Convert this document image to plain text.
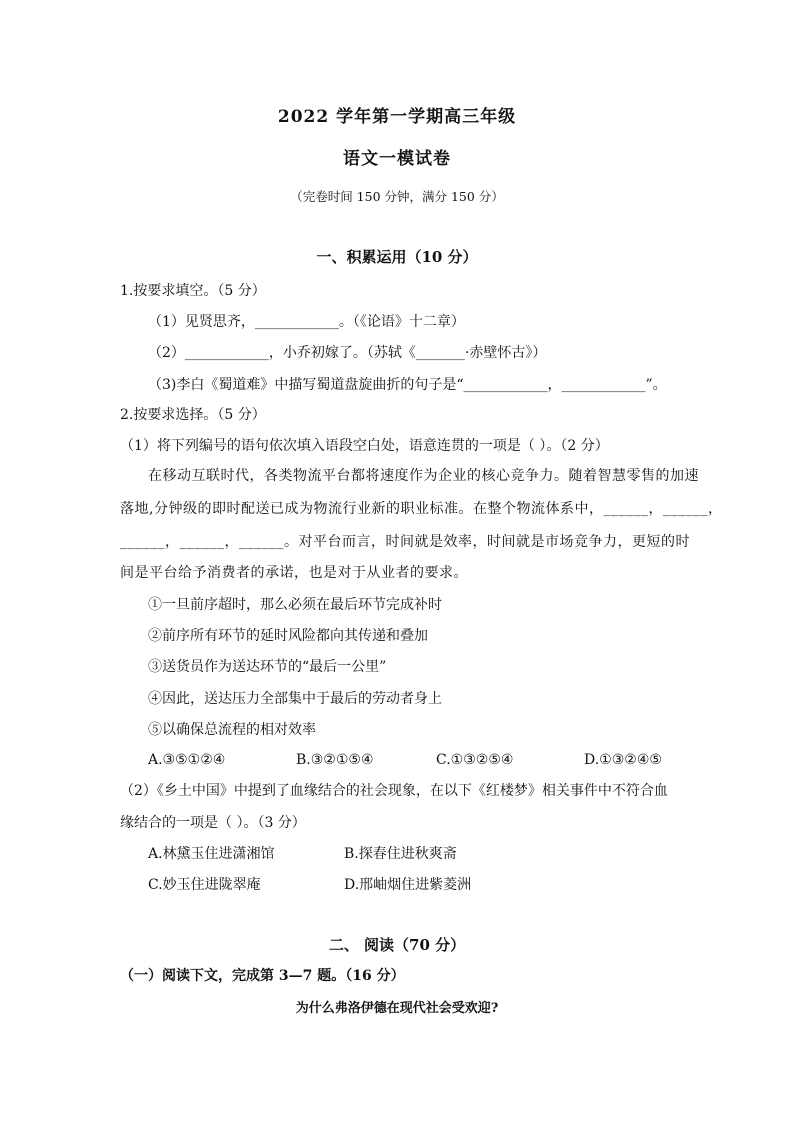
2022 学年第一学期高三年级
语文一模试卷
（完卷时间 150 分钟，满分 150 分）
一、积累运用（10 分）
1.按要求填空。（5 分）
（1）见贤思齐，____________。（《论语》十二章）
（2）____________，小乔初嫁了。（苏轼《_______·赤壁怀古》）
（3)李白《蜀道难》中描写蜀道盘旋曲折的句子是“____________，____________”。
2.按要求选择。（5 分）
（1）将下列编号的语句依次填入语段空白处，语意连贯的一项是（ ）。（2 分）
在移动互联时代，各类物流平台都将速度作为企业的核心竞争力。随着智慧零售的加速
落地,分钟级的即时配送已成为物流行业新的职业标准。在整个物流体系中，______，______，
______，______，______。对平台而言，时间就是效率，时间就是市场竞争力，更短的时
间是平台给予消费者的承诺，也是对于从业者的要求。
①一旦前序超时，那么必须在最后环节完成补时
②前序所有环节的延时风险都向其传递和叠加
③送货员作为送达环节的“最后一公里”
④因此，送达压力全部集中于最后的劳动者身上
⑤以确保总流程的相对效率
A.③⑤①②④	B.③②①⑤④	C.①③②⑤④	D.①③②④⑤
（2）《乡土中国》中提到了血缘结合的社会现象，在以下《红楼梦》相关事件中不符合血
缘结合的一项是（ ）。（3 分）
A.林黛玉住进潇湘馆	B.探春住进秋爽斋
C.妙玉住进陇翠庵	D.邢岫烟住进紫菱洲
二、 阅读（70 分）
（一）阅读下文，完成第 3—7 题。（16 分）
为什么弗洛伊德在现代社会受欢迎?
